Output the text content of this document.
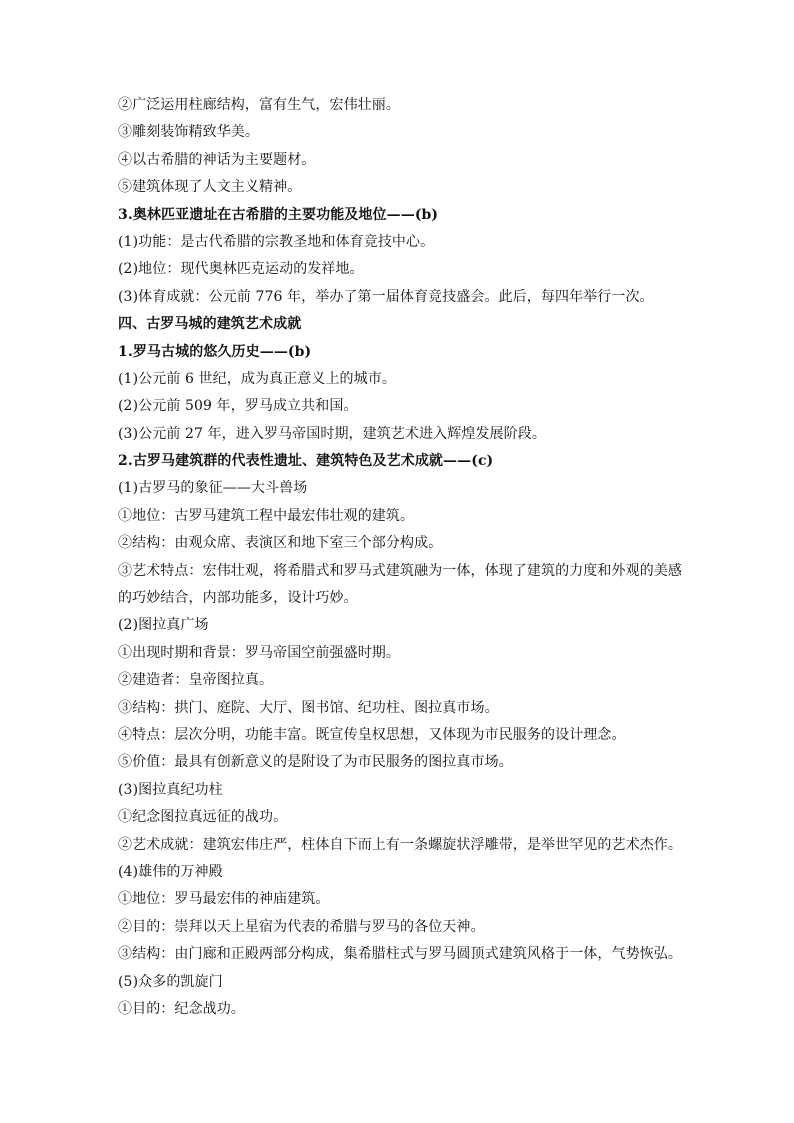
②广泛运用柱廊结构，富有生气，宏伟壮丽。
③雕刻装饰精致华美。
④以古希腊的神话为主要题材。
⑤建筑体现了人文主义精神。
3.奥林匹亚遗址在古希腊的主要功能及地位——(b)
(1)功能：是古代希腊的宗教圣地和体育竞技中心。
(2)地位：现代奥林匹克运动的发祥地。
(3)体育成就：公元前 776 年，举办了第一届体育竞技盛会。此后，每四年举行一次。
四、古罗马城的建筑艺术成就
1.罗马古城的悠久历史——(b)
(1)公元前 6 世纪，成为真正意义上的城市。
(2)公元前 509 年，罗马成立共和国。
(3)公元前 27 年，进入罗马帝国时期，建筑艺术进入辉煌发展阶段。
2.古罗马建筑群的代表性遗址、建筑特色及艺术成就——(c)
(1)古罗马的象征——大斗兽场
①地位：古罗马建筑工程中最宏伟壮观的建筑。
②结构：由观众席、表演区和地下室三个部分构成。
③艺术特点：宏伟壮观，将希腊式和罗马式建筑融为一体，体现了建筑的力度和外观的美感
的巧妙结合，内部功能多，设计巧妙。
(2)图拉真广场
①出现时期和背景：罗马帝国空前强盛时期。
②建造者：皇帝图拉真。
③结构：拱门、庭院、大厅、图书馆、纪功柱、图拉真市场。
④特点：层次分明，功能丰富。既宣传皇权思想，又体现为市民服务的设计理念。
⑤价值：最具有创新意义的是附设了为市民服务的图拉真市场。
(3)图拉真纪功柱
①纪念图拉真远征的战功。
②艺术成就：建筑宏伟庄严，柱体自下而上有一条螺旋状浮雕带，是举世罕见的艺术杰作。
(4)雄伟的万神殿
①地位：罗马最宏伟的神庙建筑。
②目的：崇拜以天上星宿为代表的希腊与罗马的各位天神。
③结构：由门廊和正殿两部分构成，集希腊柱式与罗马圆顶式建筑风格于一体，气势恢弘。
(5)众多的凯旋门
①目的：纪念战功。
